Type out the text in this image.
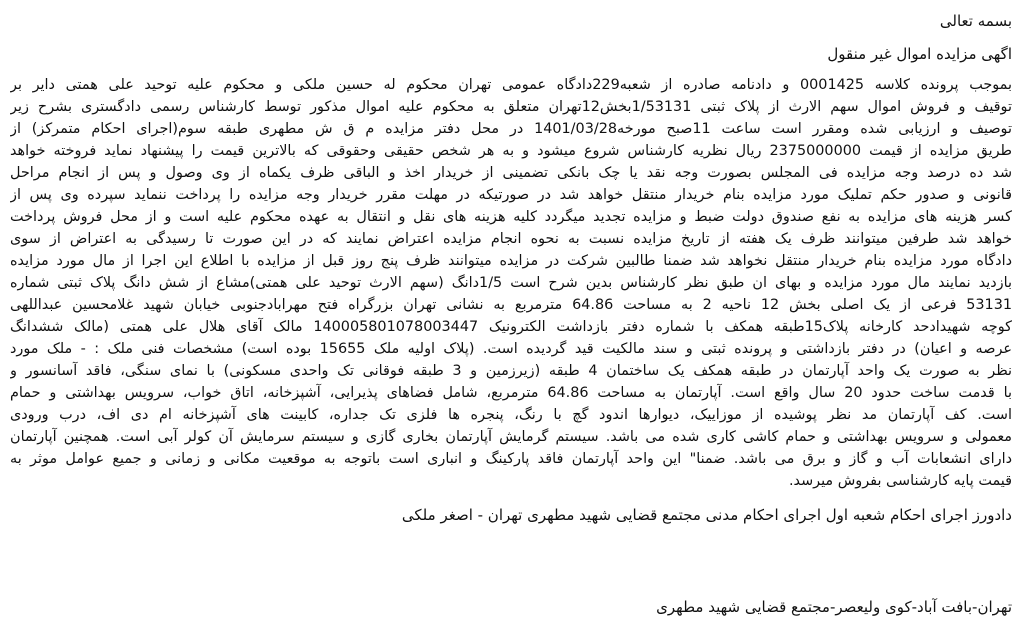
بسمه تعالی
اگهی مزایده اموال غیر منقول
بموجب پرونده کلاسه 0001425 و دادنامه صادره از شعبه229دادگاه عمومی تهران محکوم له حسین ملکی و محکوم علیه توحید علی همتی دایر بر
توقیف و فروش اموال سهم الارث از پلاک ثبتی 1/53131بخش12تهران متعلق به محکوم علیه اموال مذکور توسط کارشناس رسمی دادگستری بشرح زیر
توصیف و ارزیابی شده ومقرر است ساعت 11صبح مورخه1401/03/28 در محل دفتر مزایده م ق ش مطهری طبقه سوم(اجرای احکام متمرکز) از
طریق مزایده از قیمت 2375000000 ریال نظریه کارشناس شروع میشود و به هر شخص حقیقی وحقوقی که بالاترین قیمت را پیشنهاد نماید فروخته خواهد
شد ده درصد وجه مزایده فی المجلس بصورت وجه نقد یا چک بانکی تضمینی از خریدار اخذ و الباقی ظرف یکماه از وی وصول و پس از انجام مراحل
قانونی و صدور حکم تملیک مورد مزایده بنام خریدار منتقل خواهد شد در صورتیکه در مهلت مقرر خریدار وجه مزایده را پرداخت ننماید سپرده وی پس از
کسر هزینه های مزایده به نفع صندوق دولت ضبط و مزایده تجدید میگردد کلیه هزینه های نقل و انتقال به عهده محکوم علیه است و از محل فروش پرداخت
خواهد شد طرفین میتوانند ظرف یک هفته از تاریخ مزایده نسبت به نحوه انجام مزایده اعتراض نمایند که در این صورت تا رسیدگی به اعتراض از سوی
دادگاه مورد مزایده بنام خریدار منتقل نخواهد شد ضمنا طالبین شرکت در مزایده میتوانند ظرف پنج روز قبل از مزایده با اطلاع این اجرا از مال مورد مزایده
بازدید نمایند مال مورد مزایده و بهای ان طبق نظر کارشناس بدین شرح است 1/5دانگ (سهم الارث توحید علی همتی)مشاع از شش دانگ پلاک ثبتی شماره
53131 فرعی از یک اصلی بخش 12 ناحیه 2 به مساحت 64.86 مترمربع به نشانی تهران بزرگراه فتح مهرابادجنوبی خیابان شهید غلامحسین عبداللهی
کوچه شهیدادحد کارخانه پلاک15طبقه همکف با شماره دفتر بازداشت الکترونیک 140005801078003447 مالک آقای هلال علی همتی (مالک ششدانگ
عرصه و اعیان) در دفتر بازداشتی و پرونده ثبتی و سند مالکیت قید گردیده است. (پلاک اولیه ملک 15655 بوده است) مشخصات فنی ملک : - ملک مورد
نظر به صورت یک واحد آپارتمان در طبقه همکف یک ساختمان 4 طبقه (زیرزمین و 3 طبقه فوقانی تک واحدی مسکونی) با نمای سنگی، فاقد آسانسور و
با قدمت ساخت حدود 20 سال واقع است. آپارتمان به مساحت 64.86 مترمربع، شامل فضاهای پذیرایی، آشپزخانه، اتاق خواب، سرویس بهداشتی و حمام
است. کف آپارتمان مد نظر پوشیده از موزاییک، دیوارها اندود گچ با رنگ، پنجره ها فلزی تک جداره، کابینت های آشپزخانه ام دی اف، درب ورودی
معمولی و سرویس بهداشتی و حمام کاشی کاری شده می باشد. سیستم گرمایش آپارتمان بخاری گازی و سیستم سرمایش آن کولر آبی است. همچنین آپارتمان
دارای انشعابات آب و گاز و برق می باشد. ضمنا" این واحد آپارتمان فاقد پارکینگ و انباری است باتوجه به موقعیت مکانی و زمانی و جمیع عوامل موثر به
قیمت پایه کارشناسی بفروش میرسد.
دادورز اجرای احکام شعبه اول اجرای احکام مدنی مجتمع قضایی شهید مطهری تهران - اصغر ملکی
تهران-بافت آباد-کوی ولیعصر-مجتمع قضایی شهید مطهری
